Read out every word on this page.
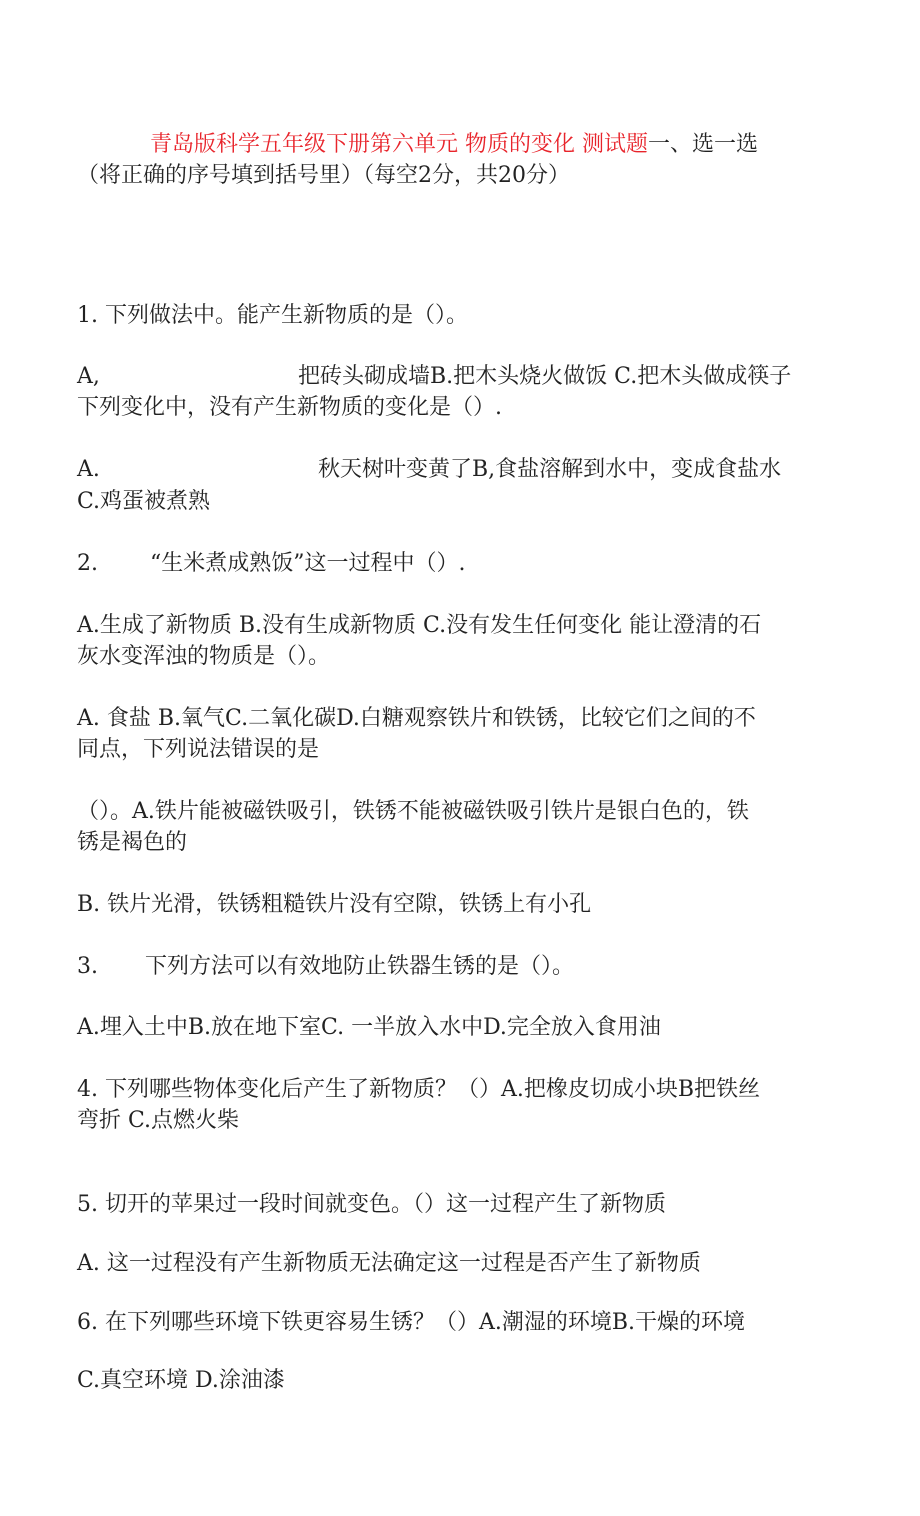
青岛版科学五年级下册第六单元 物质的变化 测试题一、选一选
（将正确的序号填到括号里）（每空2分，共20分）
1. 下列做法中。能产生新物质的是（）。
A,	把砖头砌成墙B.把木头烧火做饭 C.把木头做成筷子
下列变化中，没有产生新物质的变化是（）.
A.	秋天树叶变黄了B,食盐溶解到水中，变成食盐水
C.鸡蛋被煮熟
2. “生米煮成熟饭”这一过程中（）.
A.生成了新物质 B.没有生成新物质 C.没有发生任何变化 能让澄清的石
灰水变浑浊的物质是（）。
A. 食盐 B.氧气C.二氧化碳D.白糖观察铁片和铁锈，比较它们之间的不
同点，下列说法错误的是
（）。A.铁片能被磁铁吸引，铁锈不能被磁铁吸引铁片是银白色的，铁
锈是褐色的
B. 铁片光滑，铁锈粗糙铁片没有空隙，铁锈上有小孔
3. 下列方法可以有效地防止铁器生锈的是（）。
A.埋入土中B.放在地下室C. 一半放入水中D.完全放入食用油
4. 下列哪些物体变化后产生了新物质？（）A.把橡皮切成小块B把铁丝
弯折 C.点燃火柴
5. 切开的苹果过一段时间就变色。（）这一过程产生了新物质
A. 这一过程没有产生新物质无法确定这一过程是否产生了新物质
6. 在下列哪些环境下铁更容易生锈？（）A.潮湿的环境B.干燥的环境
C.真空环境 D.涂油漆
